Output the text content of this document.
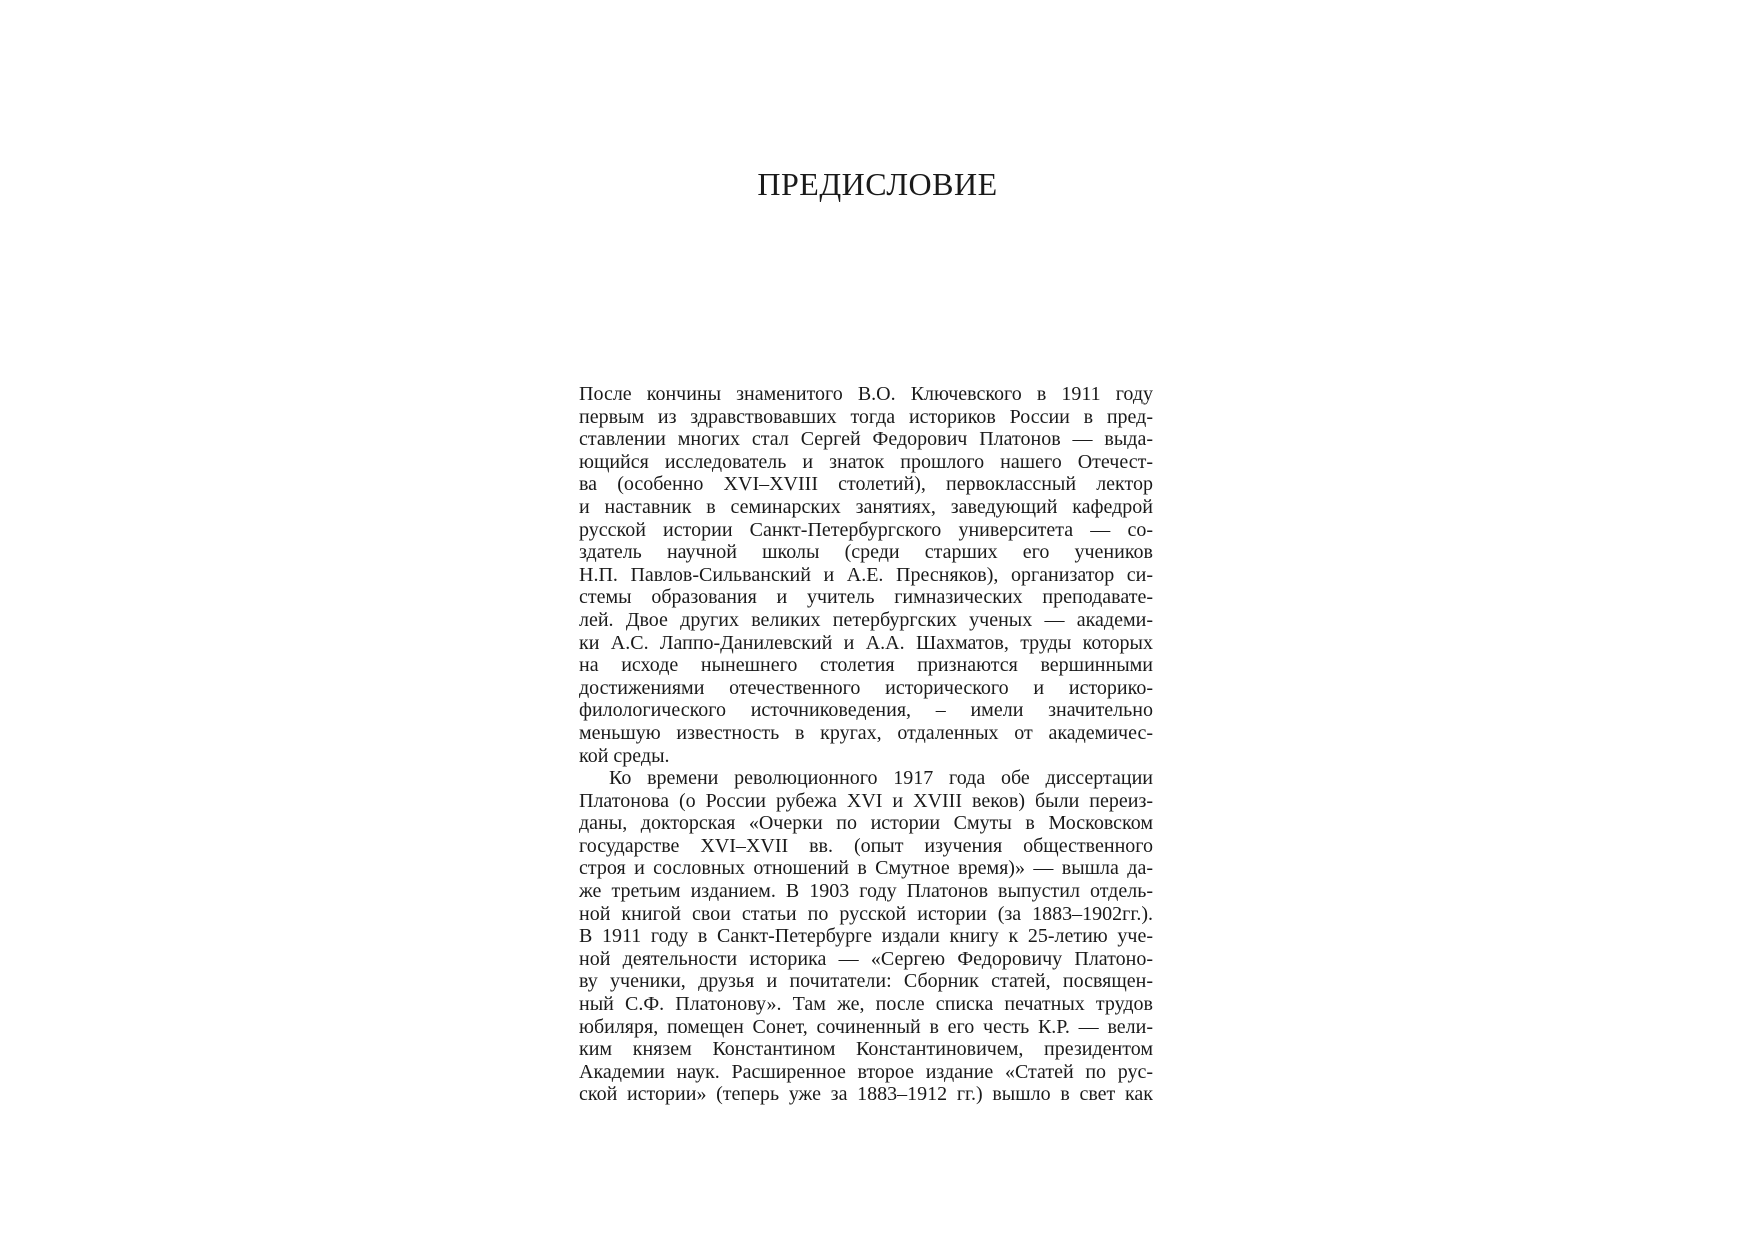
ПРЕДИСЛОВИЕ
После кончины знаменитого В.О. Ключевского в 1911 году
первым из здравствовавших тогда историков России в пред-
ставлении многих стал Сергей Федорович Платонов — выда-
ющийся исследователь и знаток прошлого нашего Отечест-
ва (особенно XVI–XVIII столетий), первоклассный лектор
и наставник в семинарских занятиях, заведующий кафедрой
русской истории Санкт-Петербургского университета — со-
здатель научной школы (среди старших его учеников
Н.П. Павлов-Сильванский и А.Е. Пресняков), организатор си-
стемы образования и учитель гимназических преподавате-
лей. Двое других великих петербургских ученых — академи-
ки А.С. Лаппо-Данилевский и А.А. Шахматов, труды которых
на исходе нынешнего столетия признаются вершинными
достижениями отечественного исторического и историко-
филологического источниковедения, – имели значительно
меньшую известность в кругах, отдаленных от академичес-
кой среды.
Ко времени революционного 1917 года обе диссертации
Платонова (о России рубежа XVI и XVIII веков) были переиз-
даны, докторская «Очерки по истории Смуты в Московском
государстве XVI–XVII вв. (опыт изучения общественного
строя и сословных отношений в Смутное время)» — вышла да-
же третьим изданием. В 1903 году Платонов выпустил отдель-
ной книгой свои статьи по русской истории (за 1883–1902гг.).
В 1911 году в Санкт-Петербурге издали книгу к 25-летию уче-
ной деятельности историка — «Сергею Федоровичу Платоно-
ву ученики, друзья и почитатели: Сборник статей, посвящен-
ный С.Ф. Платонову». Там же, после списка печатных трудов
юбиляря, помещен Сонет, сочиненный в его честь К.Р. — вели-
ким князем Константином Константиновичем, президентом
Академии наук. Расширенное второе издание «Статей по рус-
ской истории» (теперь уже за 1883–1912 гг.) вышло в свет как
